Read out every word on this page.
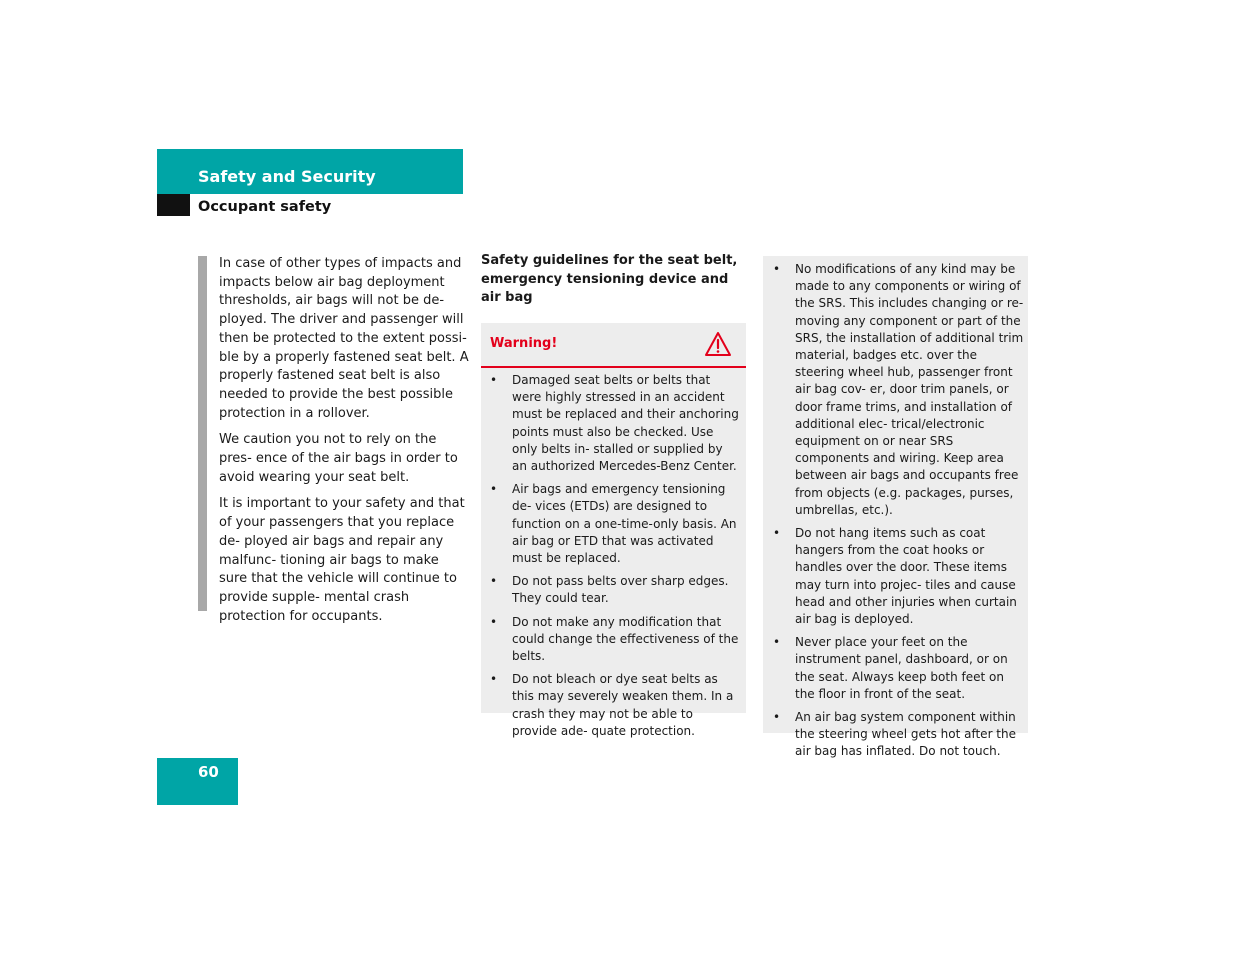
Safety and Security
Occupant safety

In case of other types of impacts and impacts below air bag deployment thresholds, air bags will not be de- ployed. The driver and passenger will then be protected to the extent possi- ble by a properly fastened seat belt. A properly fastened seat belt is also needed to provide the best possible protection in a rollover.

We caution you not to rely on the pres- ence of the air bags in order to avoid wearing your seat belt.

It is important to your safety and that of your passengers that you replace de- ployed air bags and repair any malfunc- tioning air bags to make sure that the vehicle will continue to provide supple- mental crash protection for occupants.

Safety guidelines for the seat belt, emergency tensioning device and air bag
Warning!
• Damaged seat belts or belts that were highly stressed in an accident must be replaced and their anchoring points must also be checked. Use only belts in- stalled or supplied by an authorized Mercedes-Benz Center.
• Air bags and emergency tensioning de- vices (ETDs) are designed to function on a one-time-only basis. An air bag or ETD that was activated must be replaced.
• Do not pass belts over sharp edges. They could tear.
• Do not make any modification that could change the effectiveness of the belts.
• Do not bleach or dye seat belts as this may severely weaken them. In a crash they may not be able to provide ade- quate protection.
• No modifications of any kind may be made to any components or wiring of the SRS. This includes changing or re- moving any component or part of the SRS, the installation of additional trim material, badges etc. over the steering wheel hub, passenger front air bag cov- er, door trim panels, or door frame trims, and installation of additional elec- trical/electronic equipment on or near SRS components and wiring. Keep area between air bags and occupants free from objects (e.g. packages, purses, umbrellas, etc.).
• Do not hang items such as coat hangers from the coat hooks or handles over the door. These items may turn into projec- tiles and cause head and other injuries when curtain air bag is deployed.
• Never place your feet on the instrument panel, dashboard, or on the seat. Always keep both feet on the floor in front of the seat.
• An air bag system component within the steering wheel gets hot after the air bag has inflated. Do not touch.
60
